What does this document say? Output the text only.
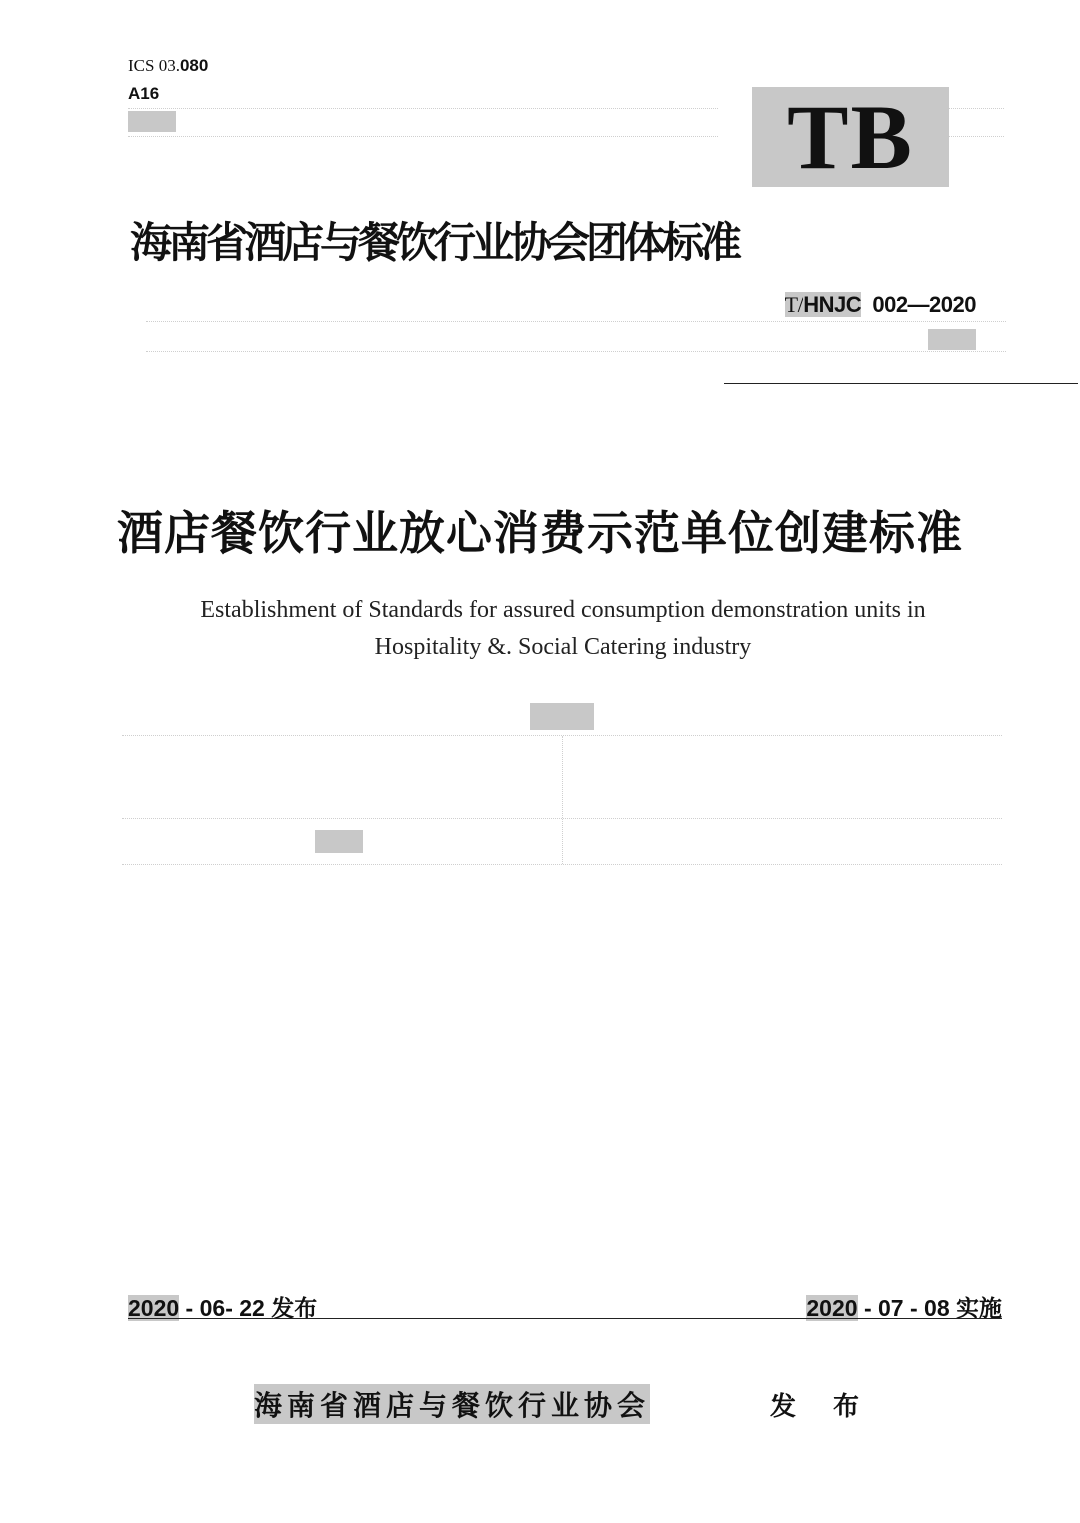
ICS 03.080
A16	TB
海南省酒店与餐饮行业协会团体标准
T/HNJC 002—2020
酒店餐饮行业放心消费示范单位创建标准
Establishment of Standards for assured consumption demonstration units in
Hospitality &. Social Catering industry
2020 - 06- 22 发布	2020 - 07 - 08 实施
海南省酒店与餐饮行业协会	发 布
